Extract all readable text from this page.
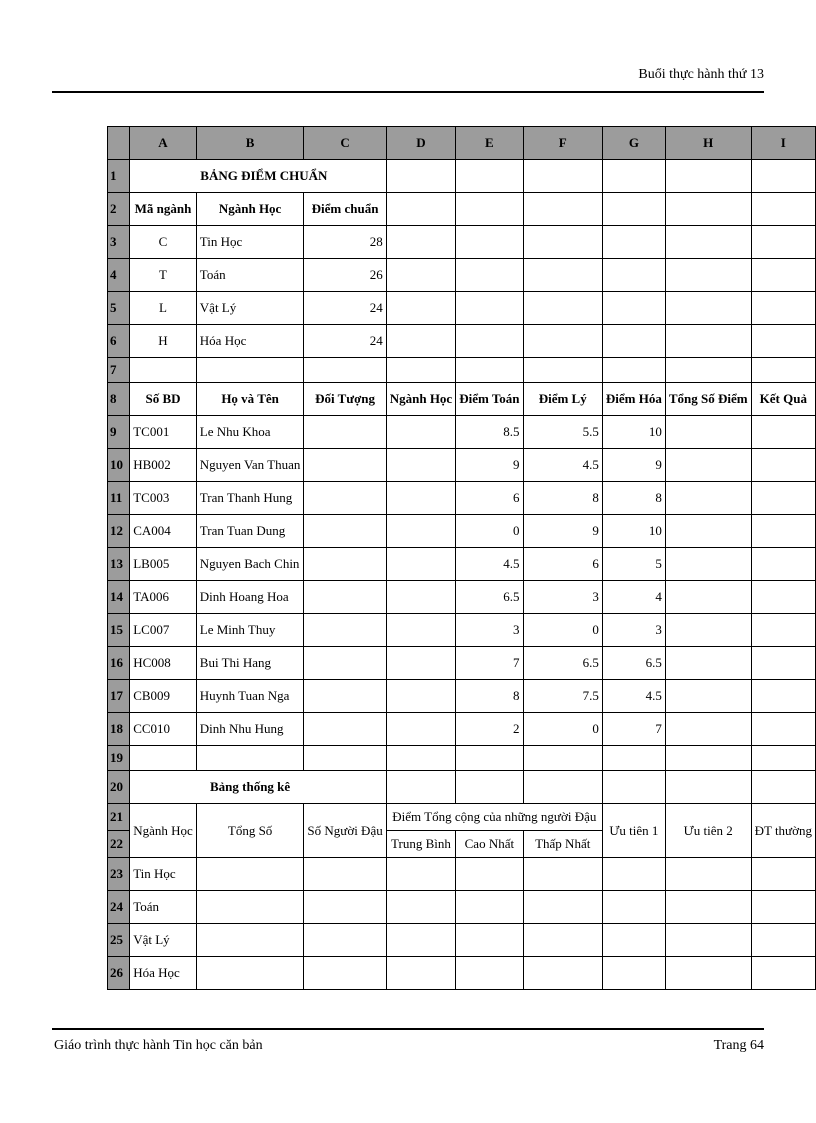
Buổi thực hành thứ 13
	A	B	C	D	E	F	G	H	I
1		BẢNG ĐIỂM CHUẨN							

2	Mã ngành	Ngành Học	Điểm chuẩn						
3	C	Tin Học	28						
4	T	Toán	26						
5	L	Vật Lý	24						
6	H	Hóa Học	24						
7									
8	Số BD	Họ và Tên	Đối Tượng	Ngành Học	Điểm Toán	Điểm Lý	Điểm Hóa	Tổng Số Điểm	Kết Quả
9	TC001	Le Nhu Khoa			8.5	5.5	10		
10	HB002	Nguyen Van Thuan			9	4.5	9		
11	TC003	Tran Thanh Hung			6	8	8		
12	CA004	Tran Tuan Dung			0	9	10		
13	LB005	Nguyen Bach Chin			4.5	6	5		
14	TA006	Dinh Hoang Hoa			6.5	3	4		
15	LC007	Le Minh Thuy			3	0	3		
16	HC008	Bui Thi Hang			7	6.5	6.5		
17	CB009	Huynh Tuan Nga			8	7.5	4.5		
18	CC010	Dinh Nhu Hung			2	0	7		
19									
20		Bảng thống kê							
21	Ngành Học	Tổng Số	Số Người Đậu	Điểm Tổng cộng của những người Đậu			Ưu tiên 1	Ưu tiên 2	ĐT thường
22				Trung Bình	Cao Nhất	Thấp Nhất			
23	Tin Học								
24	Toán								
25	Vật Lý								
26	Hóa Học								
Giáo trình thực hành Tin học căn bản	Trang 64
